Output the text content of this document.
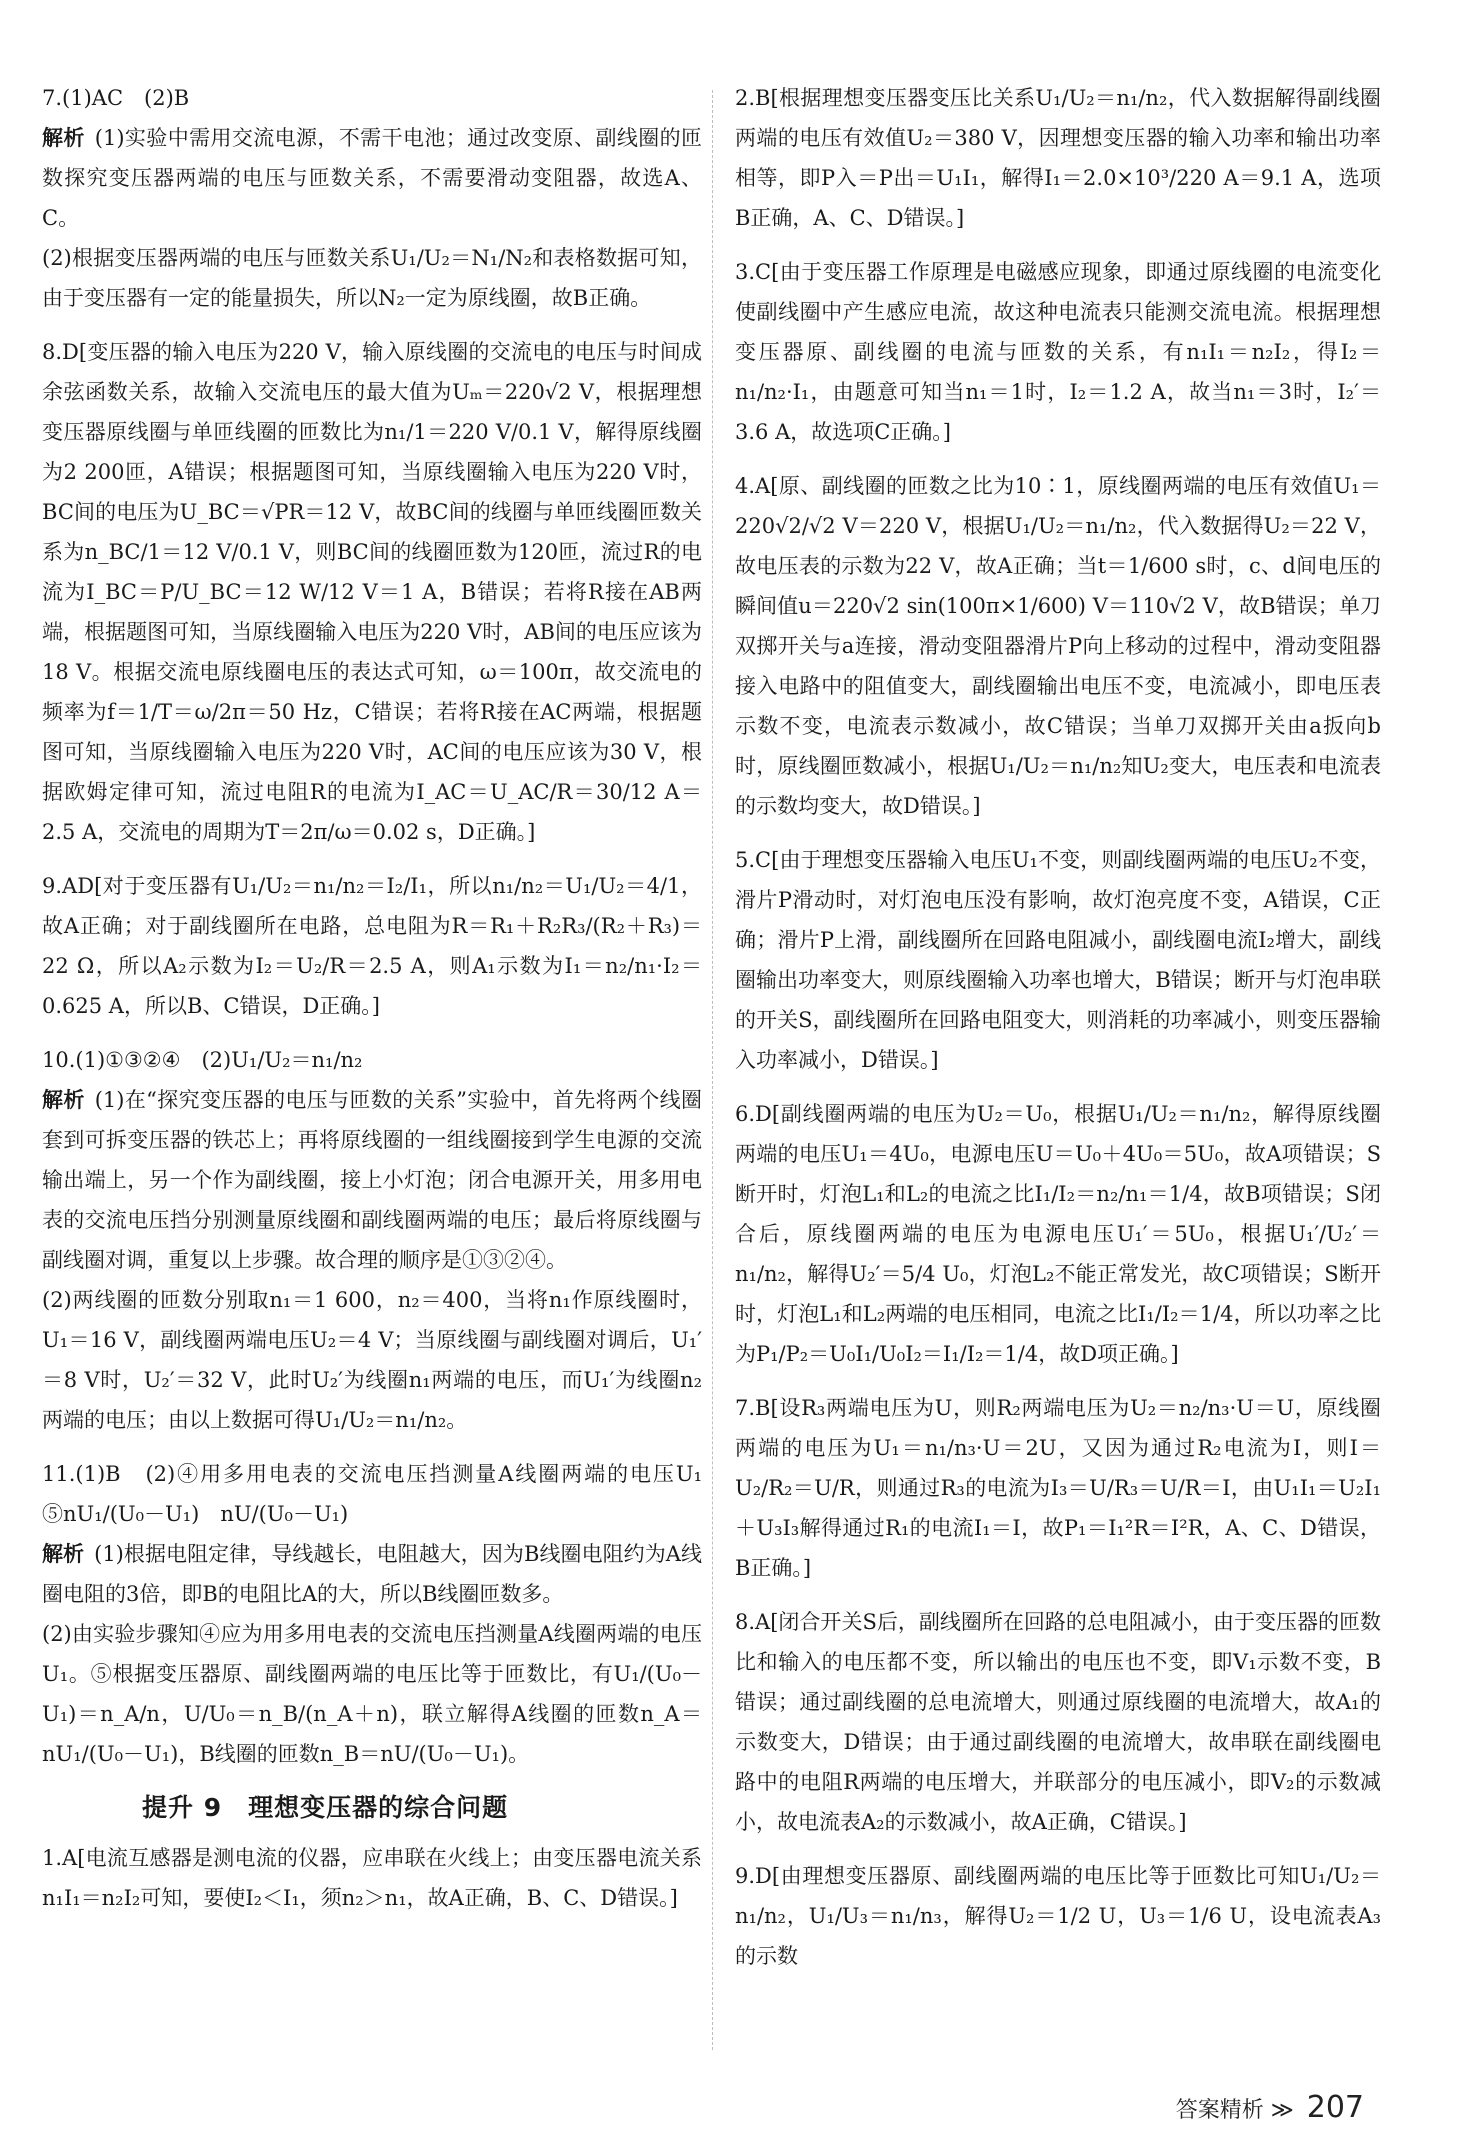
7.(1)AC　(2)B
解析 (1)实验中需用交流电源，不需干电池；通过改变原、副线圈的匝数探究变压器两端的电压与匝数关系，不需要滑动变阻器，故选A、C。
(2)根据变压器两端的电压与匝数关系U₁/U₂＝N₁/N₂和表格数据可知，由于变压器有一定的能量损失，所以N₂一定为原线圈，故B正确。
8.D[变压器的输入电压为220 V，输入原线圈的交流电的电压与时间成余弦函数关系，故输入交流电压的最大值为Uₘ＝220√2 V，根据理想变压器原线圈与单匝线圈的匝数比为n₁/1＝220 V/0.1 V，解得原线圈为2 200匝，A错误；根据题图可知，当原线圈输入电压为220 V时，BC间的电压为U_BC＝√PR＝12 V，故BC间的线圈与单匝线圈匝数关系为n_BC/1＝12 V/0.1 V，则BC间的线圈匝数为120匝，流过R的电流为I_BC＝P/U_BC＝12 W/12 V＝1 A，B错误；若将R接在AB两端，根据题图可知，当原线圈输入电压为220 V时，AB间的电压应该为18 V。根据交流电原线圈电压的表达式可知，ω＝100π，故交流电的频率为f＝1/T＝ω/2π＝50 Hz，C错误；若将R接在AC两端，根据题图可知，当原线圈输入电压为220 V时，AC间的电压应该为30 V，根据欧姆定律可知，流过电阻R的电流为I_AC＝U_AC/R＝30/12 A＝2.5 A，交流电的周期为T＝2π/ω＝0.02 s，D正确。]
9.AD[对于变压器有U₁/U₂＝n₁/n₂＝I₂/I₁，所以n₁/n₂＝U₁/U₂＝4/1，故A正确；对于副线圈所在电路，总电阻为R＝R₁＋R₂R₃/(R₂＋R₃)＝22 Ω，所以A₂示数为I₂＝U₂/R＝2.5 A，则A₁示数为I₁＝n₂/n₁·I₂＝0.625 A，所以B、C错误，D正确。]
10.(1)①③②④　(2)U₁/U₂＝n₁/n₂
解析 (1)在“探究变压器的电压与匝数的关系”实验中，首先将两个线圈套到可拆变压器的铁芯上；再将原线圈的一组线圈接到学生电源的交流输出端上，另一个作为副线圈，接上小灯泡；闭合电源开关，用多用电表的交流电压挡分别测量原线圈和副线圈两端的电压；最后将原线圈与副线圈对调，重复以上步骤。故合理的顺序是①③②④。
(2)两线圈的匝数分别取n₁＝1 600，n₂＝400，当将n₁作原线圈时，U₁＝16 V，副线圈两端电压U₂＝4 V；当原线圈与副线圈对调后，U₁′＝8 V时，U₂′＝32 V，此时U₂′为线圈n₁两端的电压，而U₁′为线圈n₂两端的电压；由以上数据可得U₁/U₂＝n₁/n₂。
11.(1)B　(2)④用多用电表的交流电压挡测量A线圈两端的电压U₁　⑤nU₁/(U₀－U₁)　nU/(U₀－U₁)
解析 (1)根据电阻定律，导线越长，电阻越大，因为B线圈电阻约为A线圈电阻的3倍，即B的电阻比A的大，所以B线圈匝数多。
(2)由实验步骤知④应为用多用电表的交流电压挡测量A线圈两端的电压U₁。⑤根据变压器原、副线圈两端的电压比等于匝数比，有U₁/(U₀－U₁)＝n_A/n，U/U₀＝n_B/(n_A＋n)，联立解得A线圈的匝数n_A＝nU₁/(U₀－U₁)，B线圈的匝数n_B＝nU/(U₀－U₁)。
提升 9　理想变压器的综合问题
1.A[电流互感器是测电流的仪器，应串联在火线上；由变压器电流关系n₁I₁＝n₂I₂可知，要使I₂＜I₁，须n₂＞n₁，故A正确，B、C、D错误。]
2.B[根据理想变压器变压比关系U₁/U₂＝n₁/n₂，代入数据解得副线圈两端的电压有效值U₂＝380 V，因理想变压器的输入功率和输出功率相等，即P入＝P出＝U₁I₁，解得I₁＝2.0×10³/220 A＝9.1 A，选项B正确，A、C、D错误。]
3.C[由于变压器工作原理是电磁感应现象，即通过原线圈的电流变化使副线圈中产生感应电流，故这种电流表只能测交流电流。根据理想变压器原、副线圈的电流与匝数的关系，有n₁I₁＝n₂I₂，得I₂＝n₁/n₂·I₁，由题意可知当n₁＝1时，I₂＝1.2 A，故当n₁＝3时，I₂′＝3.6 A，故选项C正确。]
4.A[原、副线圈的匝数之比为10∶1，原线圈两端的电压有效值U₁＝220√2/√2 V＝220 V，根据U₁/U₂＝n₁/n₂，代入数据得U₂＝22 V，故电压表的示数为22 V，故A正确；当t＝1/600 s时，c、d间电压的瞬间值u＝220√2 sin(100π×1/600) V＝110√2 V，故B错误；单刀双掷开关与a连接，滑动变阻器滑片P向上移动的过程中，滑动变阻器接入电路中的阻值变大，副线圈输出电压不变，电流减小，即电压表示数不变，电流表示数减小，故C错误；当单刀双掷开关由a扳向b时，原线圈匝数减小，根据U₁/U₂＝n₁/n₂知U₂变大，电压表和电流表的示数均变大，故D错误。]
5.C[由于理想变压器输入电压U₁不变，则副线圈两端的电压U₂不变，滑片P滑动时，对灯泡电压没有影响，故灯泡亮度不变，A错误，C正确；滑片P上滑，副线圈所在回路电阻减小，副线圈电流I₂增大，副线圈输出功率变大，则原线圈输入功率也增大，B错误；断开与灯泡串联的开关S，副线圈所在回路电阻变大，则消耗的功率减小，则变压器输入功率减小，D错误。]
6.D[副线圈两端的电压为U₂＝U₀，根据U₁/U₂＝n₁/n₂，解得原线圈两端的电压U₁＝4U₀，电源电压U＝U₀＋4U₀＝5U₀，故A项错误；S断开时，灯泡L₁和L₂的电流之比I₁/I₂＝n₂/n₁＝1/4，故B项错误；S闭合后，原线圈两端的电压为电源电压U₁′＝5U₀，根据U₁′/U₂′＝n₁/n₂，解得U₂′＝5/4 U₀，灯泡L₂不能正常发光，故C项错误；S断开时，灯泡L₁和L₂两端的电压相同，电流之比I₁/I₂＝1/4，所以功率之比为P₁/P₂＝U₀I₁/U₀I₂＝I₁/I₂＝1/4，故D项正确。]
7.B[设R₃两端电压为U，则R₂两端电压为U₂＝n₂/n₃·U＝U，原线圈两端的电压为U₁＝n₁/n₃·U＝2U，又因为通过R₂电流为I，则I＝U₂/R₂＝U/R，则通过R₃的电流为I₃＝U/R₃＝U/R＝I，由U₁I₁＝U₂I₁＋U₃I₃解得通过R₁的电流I₁＝I，故P₁＝I₁²R＝I²R，A、C、D错误，B正确。]
8.A[闭合开关S后，副线圈所在回路的总电阻减小，由于变压器的匝数比和输入的电压都不变，所以输出的电压也不变，即V₁示数不变，B错误；通过副线圈的总电流增大，则通过原线圈的电流增大，故A₁的示数变大，D错误；由于通过副线圈的电流增大，故串联在副线圈电路中的电阻R两端的电压增大，并联部分的电压减小，即V₂的示数减小，故电流表A₂的示数减小，故A正确，C错误。]
9.D[由理想变压器原、副线圈两端的电压比等于匝数比可知U₁/U₂＝n₁/n₂，U₁/U₃＝n₁/n₃，解得U₂＝1/2 U，U₃＝1/6 U，设电流表A₃的示数
答案精析 ≫ 207
